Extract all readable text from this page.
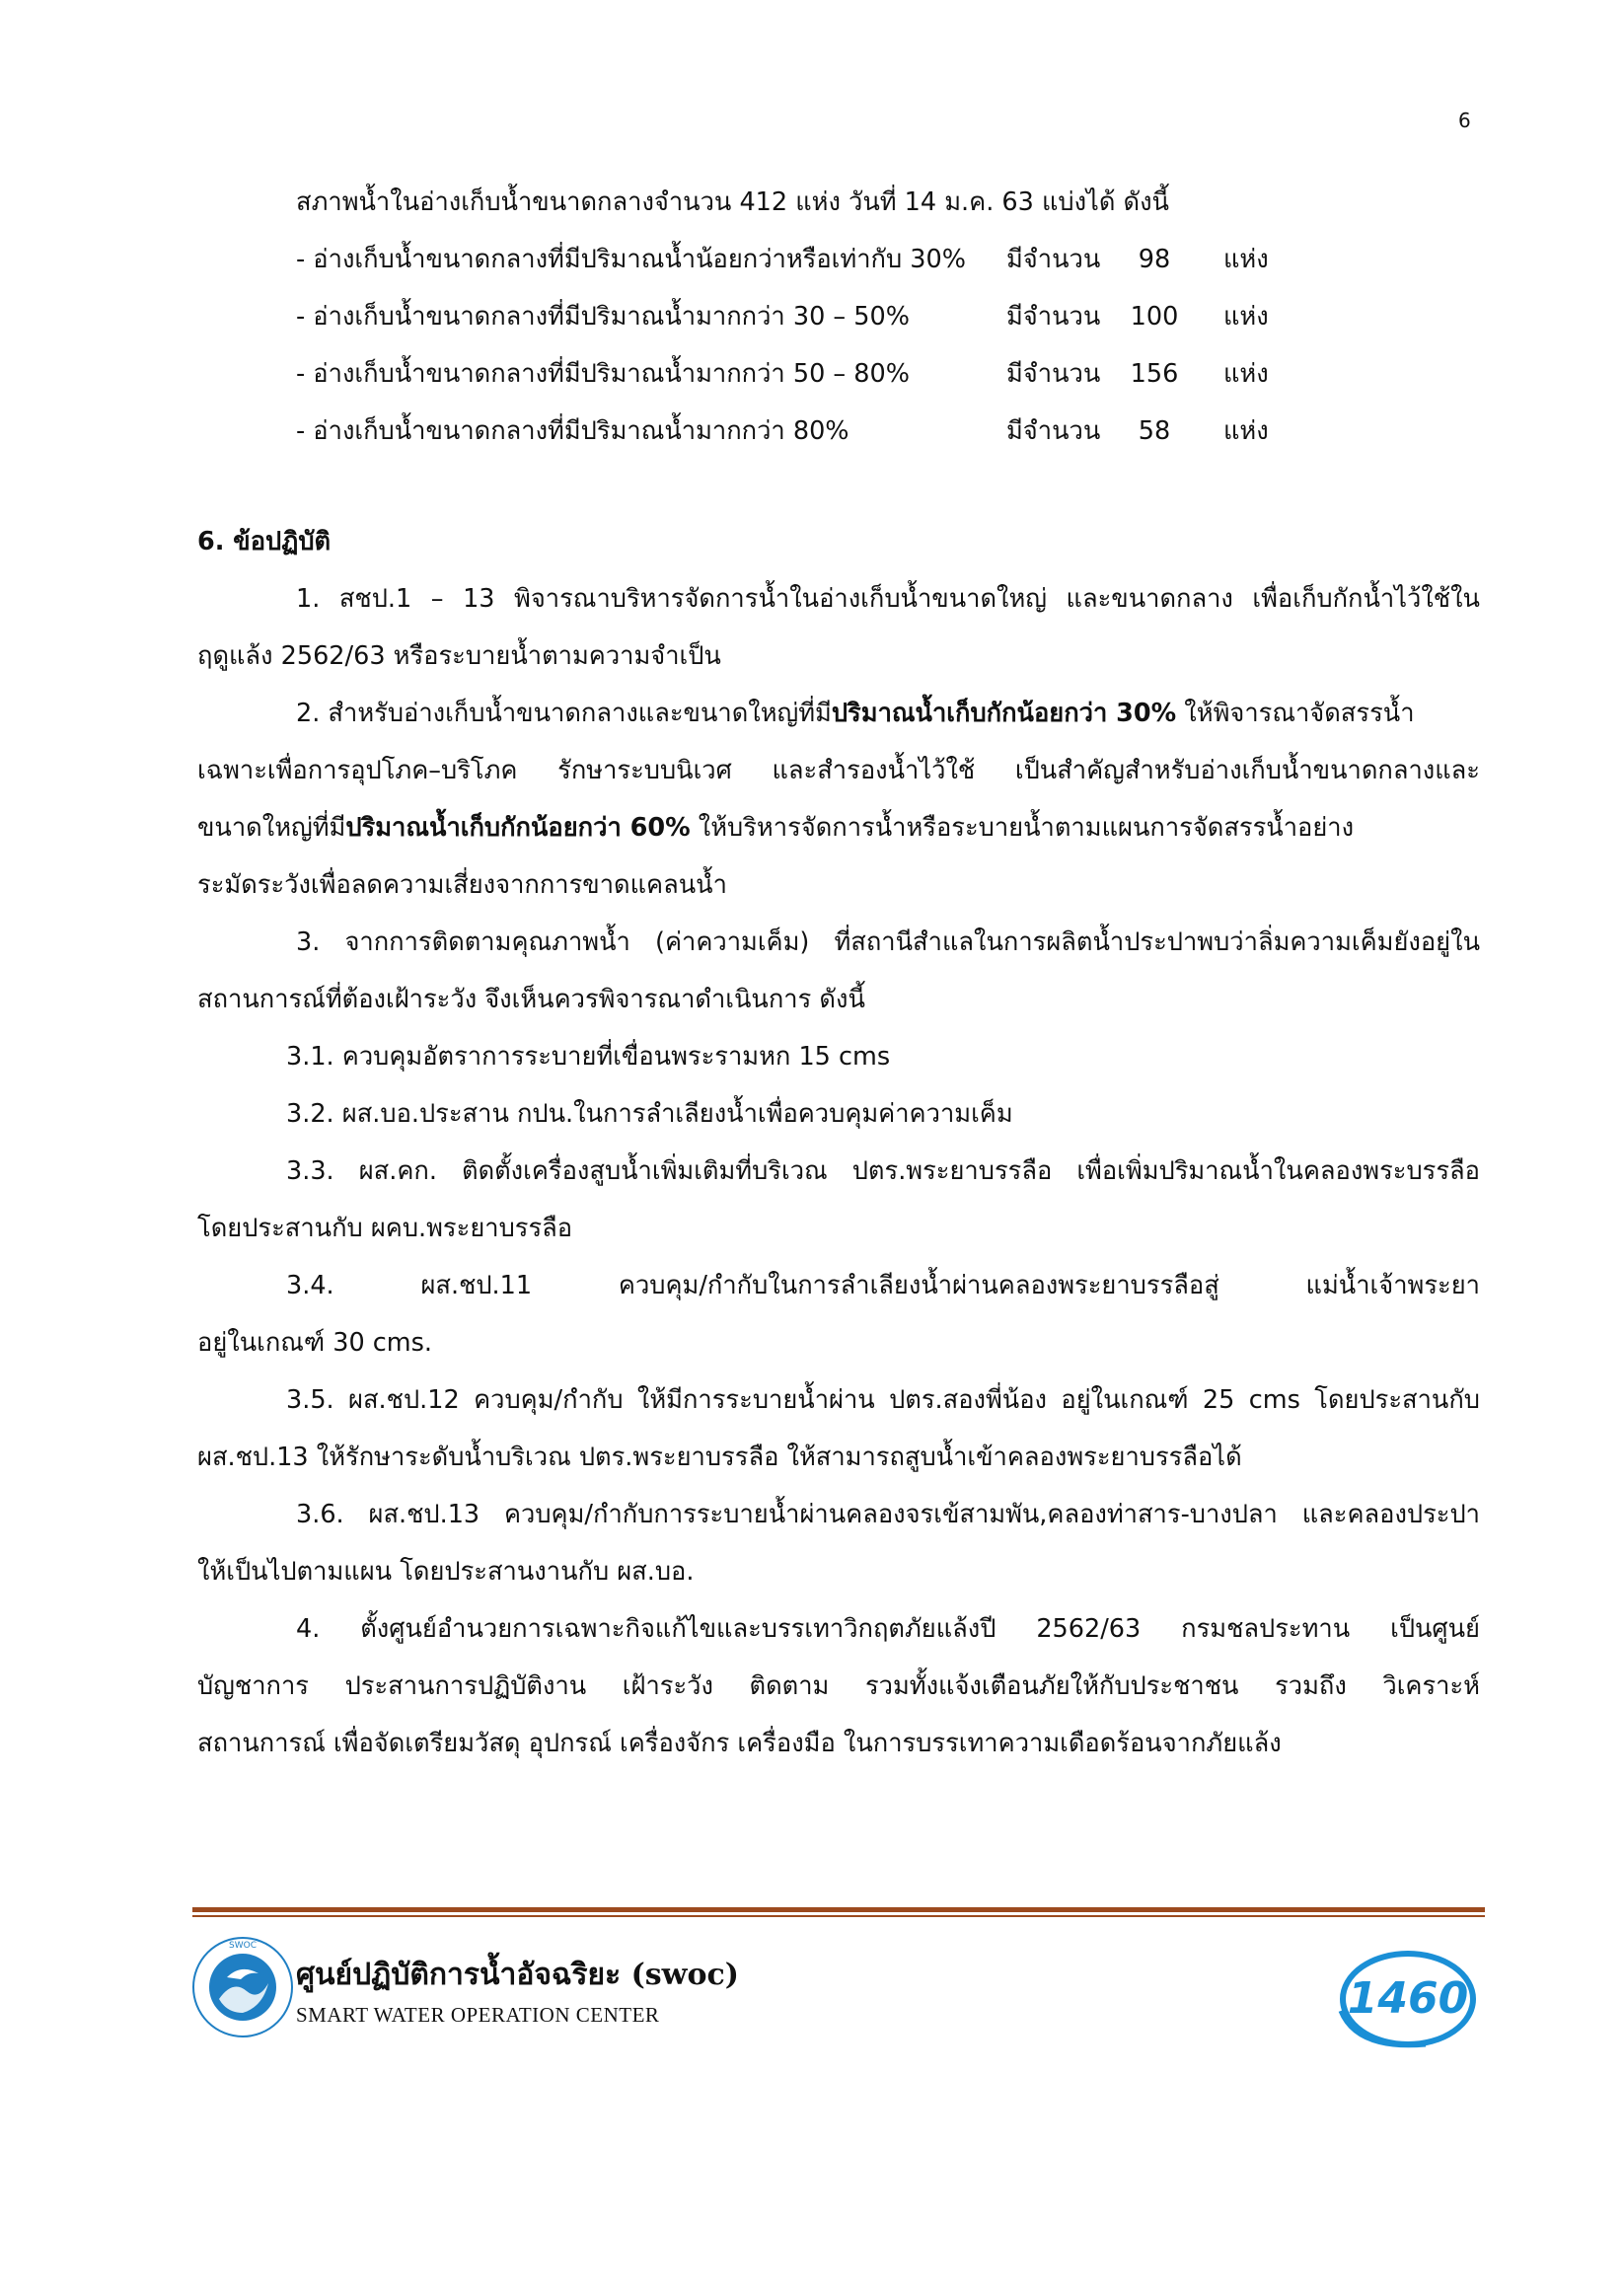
6
สภาพน้ำในอ่างเก็บน้ำขนาดกลางจำนวน 412 แห่ง วันที่ 14 ม.ค. 63 แบ่งได้ ดังนี้
- อ่างเก็บน้ำขนาดกลางที่มีปริมาณน้ำน้อยกว่าหรือเท่ากับ 30% มีจำนวน	98	แห่ง
- อ่างเก็บน้ำขนาดกลางที่มีปริมาณน้ำมากกว่า 30 – 50%	มีจำนวน	100	แห่ง
- อ่างเก็บน้ำขนาดกลางที่มีปริมาณน้ำมากกว่า 50 – 80%	มีจำนวน	156	แห่ง
- อ่างเก็บน้ำขนาดกลางที่มีปริมาณน้ำมากกว่า 80%	มีจำนวน	58	แห่ง
6. ข้อปฏิบัติ
1. สชป.1 – 13 พิจารณาบริหารจัดการน้ำในอ่างเก็บน้ำขนาดใหญ่ และขนาดกลาง เพื่อเก็บกักน้ำไว้ใช้ใน
ฤดูแล้ง 2562/63 หรือระบายน้ำตามความจำเป็น
2. สำหรับอ่างเก็บน้ำขนาดกลางและขนาดใหญ่ที่มีปริมาณน้ำเก็บกักน้อยกว่า 30% ให้พิจารณาจัดสรรน้ำ
เฉพาะเพื่อการอุปโภค–บริโภค รักษาระบบนิเวศ และสำรองน้ำไว้ใช้ เป็นสำคัญสำหรับอ่างเก็บน้ำขนาดกลางและ
ขนาดใหญ่ที่มีปริมาณน้ำเก็บกักน้อยกว่า 60% ให้บริหารจัดการน้ำหรือระบายน้ำตามแผนการจัดสรรน้ำอย่าง
ระมัดระวังเพื่อลดความเสี่ยงจากการขาดแคลนน้ำ
3. จากการติดตามคุณภาพน้ำ (ค่าความเค็ม) ที่สถานีสำแลในการผลิตน้ำประปาพบว่าลิ่มความเค็มยังอยู่ใน
สถานการณ์ที่ต้องเฝ้าระวัง จึงเห็นควรพิจารณาดำเนินการ ดังนี้
3.1. ควบคุมอัตราการระบายที่เขื่อนพระรามหก 15 cms
3.2. ผส.บอ.ประสาน กปน.ในการลำเลียงน้ำเพื่อควบคุมค่าความเค็ม
3.3. ผส.คก. ติดตั้งเครื่องสูบน้ำเพิ่มเติมที่บริเวณ ปตร.พระยาบรรลือ เพื่อเพิ่มปริมาณน้ำในคลองพระบรรลือ
โดยประสานกับ ผคบ.พระยาบรรลือ
3.4. ผส.ชป.11 ควบคุม/กำกับในการลำเลียงน้ำผ่านคลองพระยาบรรลือสู่ แม่น้ำเจ้าพระยา
อยู่ในเกณฑ์ 30 cms.
3.5. ผส.ชป.12 ควบคุม/กำกับ ให้มีการระบายน้ำผ่าน ปตร.สองพี่น้อง อยู่ในเกณฑ์ 25 cms โดยประสานกับ
ผส.ชป.13 ให้รักษาระดับน้ำบริเวณ ปตร.พระยาบรรลือ ให้สามารถสูบน้ำเข้าคลองพระยาบรรลือได้
3.6. ผส.ชป.13 ควบคุม/กำกับการระบายน้ำผ่านคลองจรเข้สามพัน,คลองท่าสาร-บางปลา และคลองประปา
ให้เป็นไปตามแผน โดยประสานงานกับ ผส.บอ.
4. ตั้งศูนย์อำนวยการเฉพาะกิจแก้ไขและบรรเทาวิกฤตภัยแล้งปี 2562/63 กรมชลประทาน เป็นศูนย์
บัญชาการ ประสานการปฏิบัติงาน เฝ้าระวัง ติดตาม รวมทั้งแจ้งเตือนภัยให้กับประชาชน รวมถึง วิเคราะห์
สถานการณ์ เพื่อจัดเตรียมวัสดุ อุปกรณ์ เครื่องจักร เครื่องมือ ในการบรรเทาความเดือดร้อนจากภัยแล้ง
SWOC
ศูนย์ปฏิบัติการน้ำอัจฉริยะ (swoc)
SMART WATER OPERATION CENTER	1460
